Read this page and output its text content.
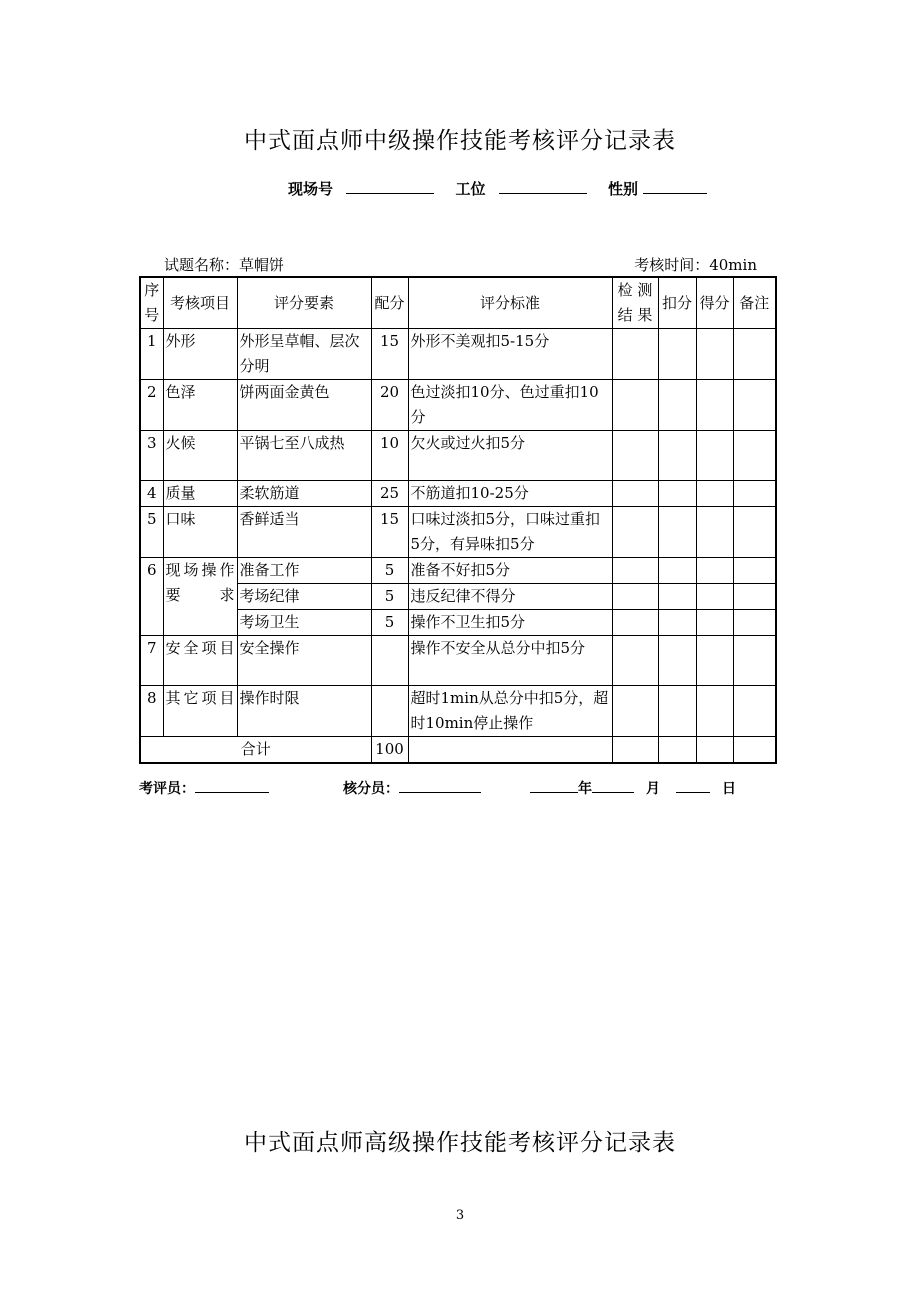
中式面点师中级操作技能考核评分记录表
现场号	工位	性别
试题名称：草帽饼	考核时间：40min
序号	考核项目	评分要素	配分	评分标准	检 测 结 果	扣分	得分	备注
1	外形	外形呈草帽、层次分明	15	外形不美观扣5-15分				
2	色泽	饼两面金黄色	20	色过淡扣10分、色过重扣10分				
3	火候	平锅七至八成热	10	欠火或过火扣5分				
4	质量	柔软筋道	25	不筋道扣10-25分				
5	口味	香鲜适当	15	口味过淡扣5分，口味过重扣5分，有异味扣5分				
6	现场操作要求	准备工作	5	准备不好扣5分				
		考场纪律	5	违反纪律不得分				
		考场卫生	5	操作不卫生扣5分				
7	安全项目	安全操作		操作不安全从总分中扣5分				
8	其它项目	操作时限		超时1min从总分中扣5分，超时10min停止操作				
合计			100					
考评员：	核分员：	年	月	日
中式面点师高级操作技能考核评分记录表
3
